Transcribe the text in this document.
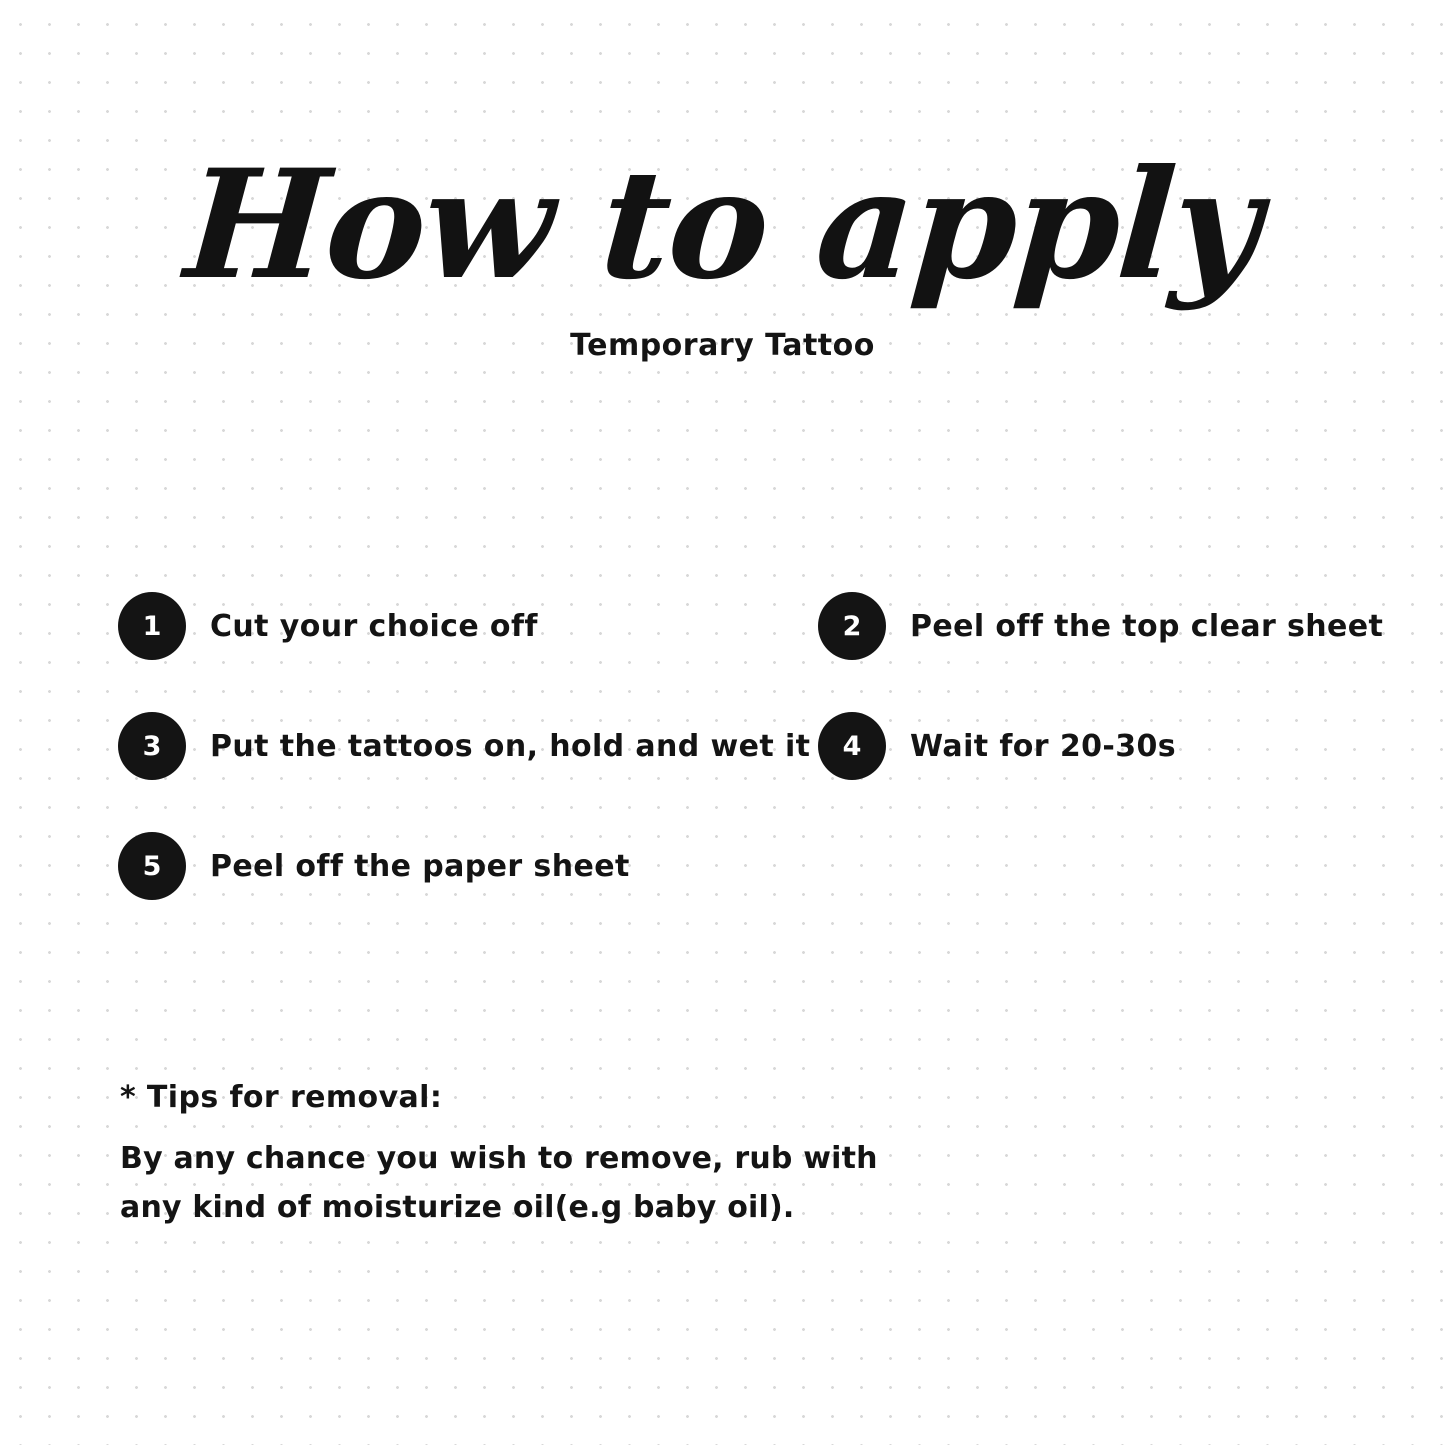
How to apply
Temporary Tattoo
1	Cut your choice off	2	Peel off the top clear sheet
3	Put the tattoos on, hold and wet it	4	Wait for 20-30s
5	Peel off the paper sheet
* Tips for removal:
By any chance you wish to remove, rub with
any kind of moisturize oil(e.g baby oil).
